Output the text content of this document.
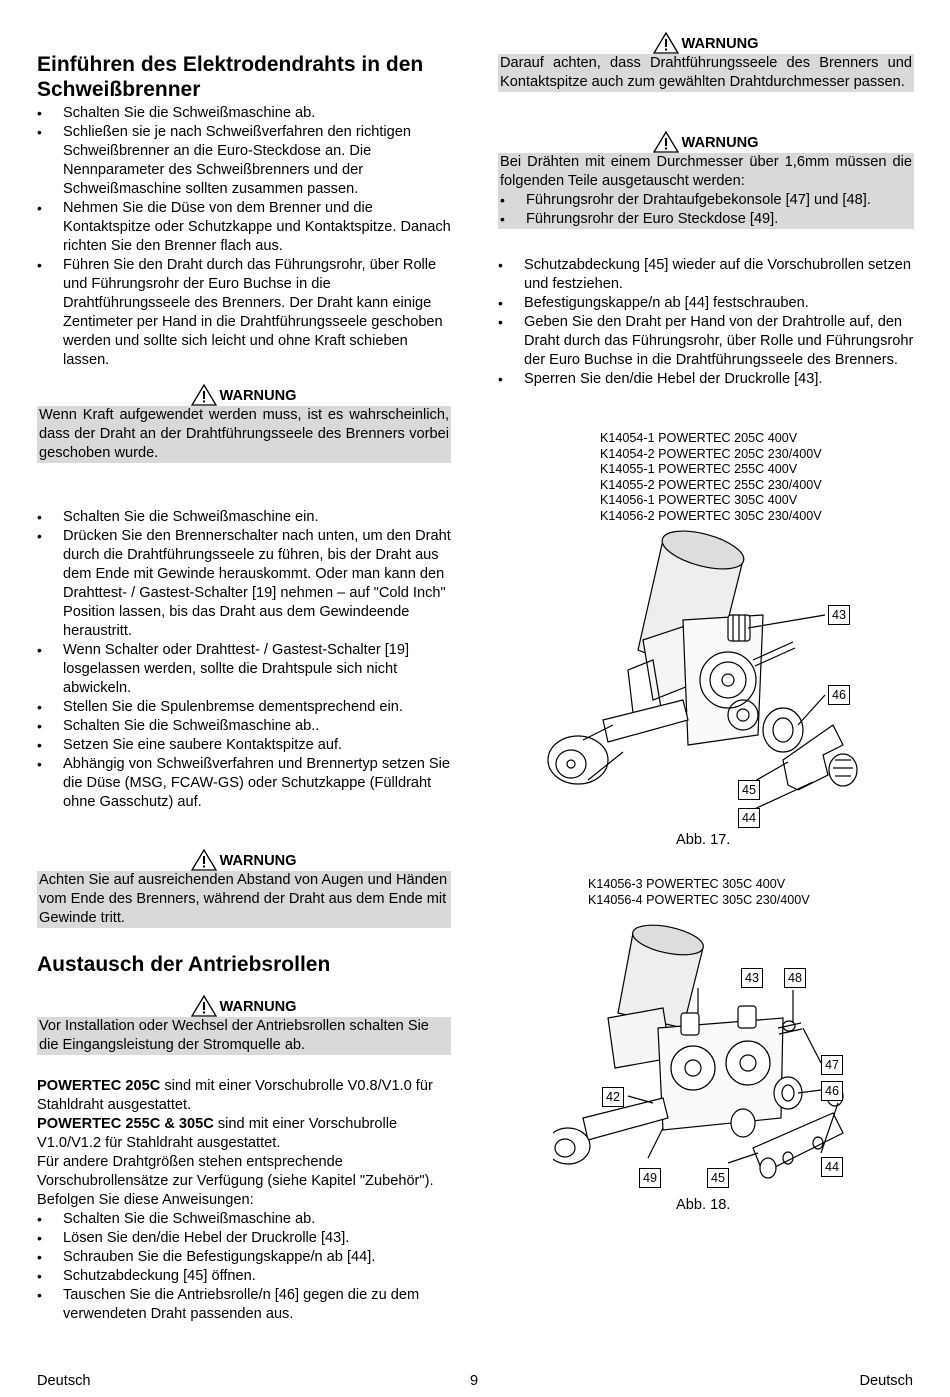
Einführen des Elektrodendrahts in den Schweißbrenner
• Schalten Sie die Schweißmaschine ab.
• Schließen sie je nach Schweißverfahren den richtigen Schweißbrenner an die Euro-Steckdose an. Die Nennparameter des Schweißbrenners und der Schweißmaschine sollten zusammen passen.
• Nehmen Sie die Düse von dem Brenner und die Kontaktspitze oder Schutzkappe und Kontaktspitze. Danach richten Sie den Brenner flach aus.
• Führen Sie den Draht durch das Führungsrohr, über Rolle und Führungsrohr der Euro Buchse in die Drahtführungsseele des Brenners. Der Draht kann einige Zentimeter per Hand in die Drahtführungsseele geschoben werden und sollte sich leicht und ohne Kraft schieben lassen.
WARNUNG
Wenn Kraft aufgewendet werden muss, ist es wahrscheinlich, dass der Draht an der Drahtführungsseele des Brenners vorbei geschoben wurde.
• Schalten Sie die Schweißmaschine ein.
• Drücken Sie den Brennerschalter nach unten, um den Draht durch die Drahtführungsseele zu führen, bis der Draht aus dem Ende mit Gewinde herauskommt. Oder man kann den Drahttest- / Gastest-Schalter [19] nehmen – auf "Cold Inch" Position lassen, bis das Draht aus dem Gewindeende heraustritt.
• Wenn Schalter oder Drahttest- / Gastest-Schalter [19] losgelassen werden, sollte die Drahtspule sich nicht abwickeln.
• Stellen Sie die Spulenbremse dementsprechend ein.
• Schalten Sie die Schweißmaschine ab..
• Setzen Sie eine saubere Kontaktspitze auf.
• Abhängig von Schweißverfahren und Brennertyp setzen Sie die Düse (MSG, FCAW-GS) oder Schutzkappe (Fülldraht ohne Gasschutz) auf.
WARNUNG
Achten Sie auf ausreichenden Abstand von Augen und Händen vom Ende des Brenners, während der Draht aus dem Ende mit Gewinde tritt.
Austausch der Antriebsrollen
WARNUNG
Vor Installation oder Wechsel der Antriebsrollen schalten Sie die Eingangsleistung der Stromquelle ab.

POWERTEC 205C sind mit einer Vorschubrolle V0.8/V1.0 für Stahldraht ausgestattet.

POWERTEC 255C & 305C sind mit einer Vorschubrolle V1.0/V1.2 für Stahldraht ausgestattet.

Für andere Drahtgrößen stehen entsprechende Vorschubrollensätze zur Verfügung (siehe Kapitel "Zubehör"). Befolgen Sie diese Anweisungen:

• Schalten Sie die Schweißmaschine ab.
• Lösen Sie den/die Hebel der Druckrolle [43].
• Schrauben Sie die Befestigungskappe/n ab [44].
• Schutzabdeckung [45] öffnen.
• Tauschen Sie die Antriebsrolle/n [46] gegen die zu dem verwendeten Draht passenden aus.
WARNUNG
Darauf achten, dass Drahtführungsseele des Brenners und Kontaktspitze auch zum gewählten Drahtdurchmesser passen.
WARNUNG
Bei Drähten mit einem Durchmesser über 1,6mm müssen die folgenden Teile ausgetauscht werden:
• Führungsrohr der Drahtaufgebekonsole [47] und [48].
• Führungsrohr der Euro Steckdose [49].
• Schutzabdeckung [45] wieder auf die Vorschubrollen setzen und festziehen.
• Befestigungskappe/n ab [44] festschrauben.
• Geben Sie den Draht per Hand von der Drahtrolle auf, den Draht durch das Führungsrohr, über Rolle und Führungsrohr der Euro Buchse in die Drahtführungsseele des Brenners.
• Sperren Sie den/die Hebel der Druckrolle [43].
K14054-1 POWERTEC 205C 400V
K14054-2 POWERTEC 205C 230/400V
K14055-1 POWERTEC 255C 400V
K14055-2 POWERTEC 255C 230/400V
K14056-1 POWERTEC 305C 400V
K14056-2 POWERTEC 305C 230/400V
43
46
45
44
Abb. 17.
K14056-3 POWERTEC 305C 400V
K14056-4 POWERTEC 305C 230/400V
43	48
47
46
42
44
49	45
Abb. 18.
Deutsch	9	Deutsch
